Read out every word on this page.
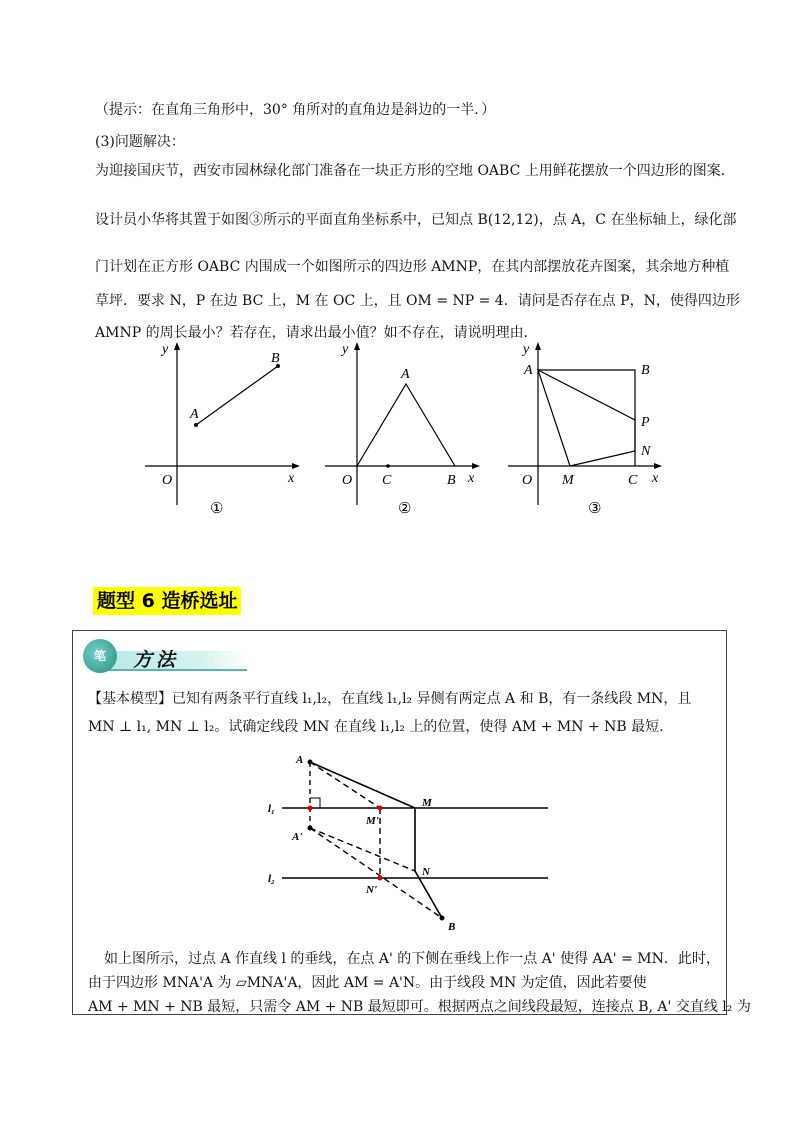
（提示：在直角三角形中，30° 角所对的直角边是斜边的一半．）
(3)问题解决：
为迎接国庆节，西安市园林绿化部门准备在一块正方形的空地 OABC 上用鲜花摆放一个四边形的图案．
设计员小华将其置于如图③所示的平面直角坐标系中，已知点 B(12,12)，点 A，C 在坐标轴上，绿化部
门计划在正方形 OABC 内围成一个如图所示的四边形 AMNP，在其内部摆放花卉图案，其余地方种植
草坪．要求 N，P 在边 BC 上，M 在 OC 上，且 OM = NP = 4．请问是否存在点 P，N，使得四边形
AMNP 的周长最小？若存在，请求出最小值？如不存在，请说明理由．
y
x
O
A
B
①
y
x
O
A
C	B
②
y
x
O
A	B
P
N
M	C
③
题型 6 造桥选址
笔	方法
【基本模型】已知有两条平行直线 l₁,l₂，在直线 l₁,l₂ 异侧有两定点 A 和 B，有一条线段 MN，且
MN ⊥ l₁, MN ⊥ l₂。试确定线段 MN 在直线 l₁,l₂ 上的位置，使得 AM + MN + NB 最短.
A
A'
M
M'
N
N'
B
l₁
l₂
如上图所示，过点 A 作直线 l 的垂线，在点 A' 的下侧在垂线上作一点 A' 使得 AA' = MN．此时，
由于四边形 MNA'A 为 ▱MNA'A，因此 AM = A'N。由于线段 MN 为定值，因此若要使
AM + MN + NB 最短，只需令 AM + NB 最短即可。根据两点之间线段最短，连接点 B, A' 交直线 l₂ 为
